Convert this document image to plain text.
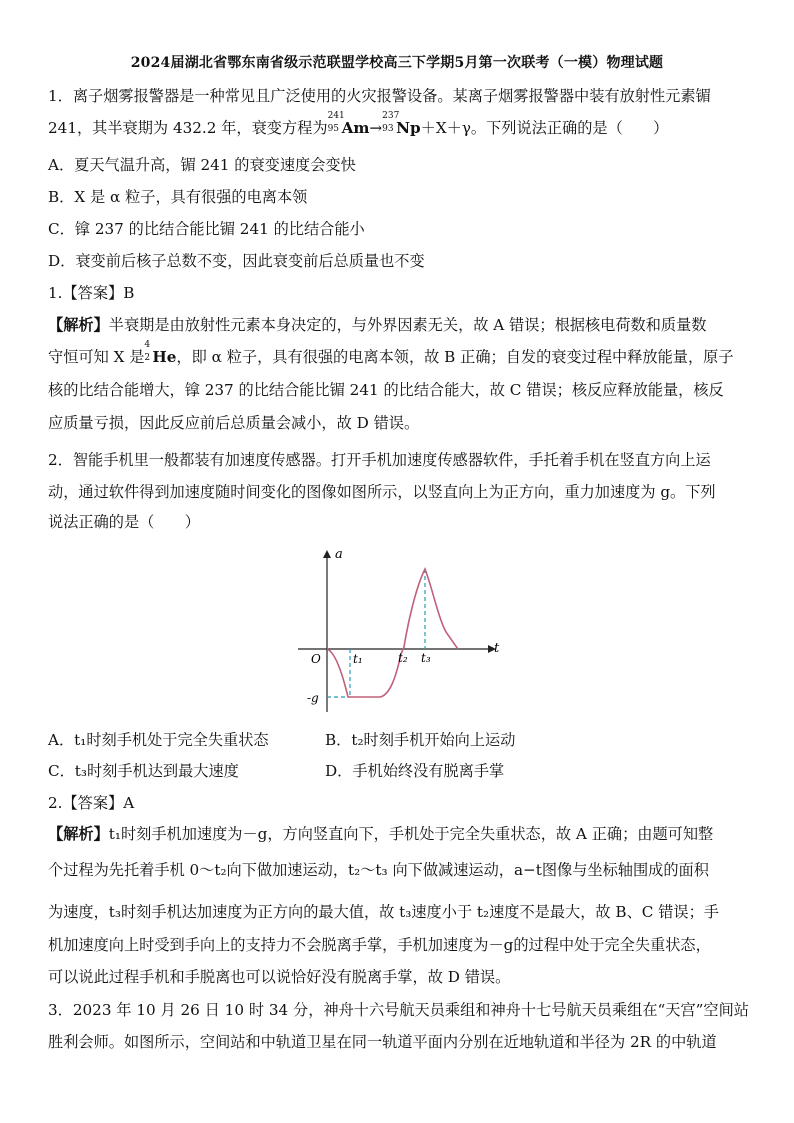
2024届湖北省鄂东南省级示范联盟学校高三下学期5月第一次联考（一模）物理试题
1．离子烟雾报警器是一种常见且广泛使用的火灾报警设备。某离子烟雾报警器中装有放射性元素镅
241，其半衰期为 432.2 年，衰变方程为
241
95 Am→
237
93 Np＋X＋γ。下列说法正确的是（　　）
A．夏天气温升高，镅 241 的衰变速度会变快
B．X 是 α 粒子，具有很强的电离本领
C．镎 237 的比结合能比镅 241 的比结合能小
D．衰变前后核子总数不变，因此衰变前后总质量也不变
1.【答案】B
【解析】半衰期是由放射性元素本身决定的，与外界因素无关，故 A 错误；根据核电荷数和质量数
守恒可知 X 是
4
2 He，即 α 粒子，具有很强的电离本领，故 B 正确；自发的衰变过程中释放能量，原子
核的比结合能增大，镎 237 的比结合能比镅 241 的比结合能大，故 C 错误；核反应释放能量，核反
应质量亏损，因此反应前后总质量会减小，故 D 错误。
2．智能手机里一般都装有加速度传感器。打开手机加速度传感器软件，手托着手机在竖直方向上运
动，通过软件得到加速度随时间变化的图像如图所示，以竖直向上为正方向，重力加速度为 g。下列
说法正确的是（　　）
a
t
O	t₁	t₂ t₃
-g
A．t₁时刻手机处于完全失重状态	B．t₂时刻手机开始向上运动
C．t₃时刻手机达到最大速度	D．手机始终没有脱离手掌
2.【答案】A
【解析】t₁时刻手机加速度为－g，方向竖直向下，手机处于完全失重状态，故 A 正确；由题可知整
个过程为先托着手机 0～t₂向下做加速运动，t₂～t₃ 向下做减速运动，a−t图像与坐标轴围成的面积
为速度，t₃时刻手机达加速度为正方向的最大值，故 t₃速度小于 t₂速度不是最大，故 B、C 错误；手
机加速度向上时受到手向上的支持力不会脱离手掌，手机加速度为－g的过程中处于完全失重状态，
可以说此过程手机和手脱离也可以说恰好没有脱离手掌，故 D 错误。
3．2023 年 10 月 26 日 10 时 34 分，神舟十六号航天员乘组和神舟十七号航天员乘组在“天宫”空间站
胜利会师。如图所示，空间站和中轨道卫星在同一轨道平面内分别在近地轨道和半径为 2R 的中轨道
